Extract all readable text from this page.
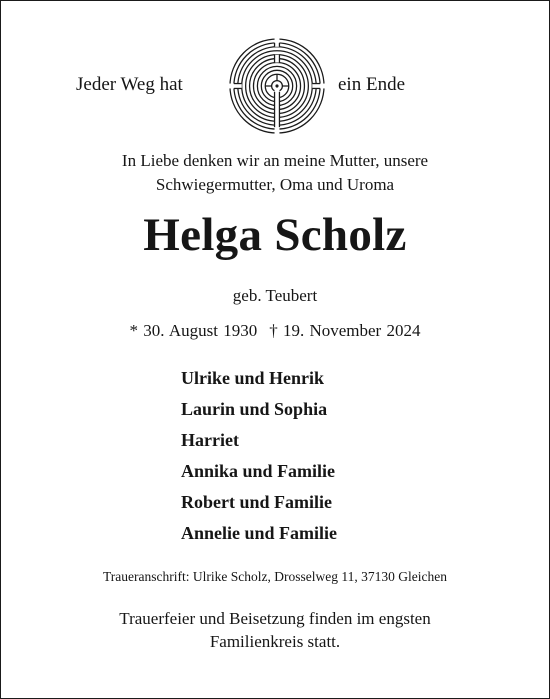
Jeder Weg hat	ein Ende
In Liebe denken wir an meine Mutter, unsere
Schwiegermutter, Oma und Uroma
Helga Scholz
geb. Teubert
* 30. August 1930 † 19. November 2024
Ulrike und Henrik
Laurin und Sophia
Harriet
Annika und Familie
Robert und Familie
Annelie und Familie
Traueranschrift: Ulrike Scholz, Drosselweg 11, 37130 Gleichen
Trauerfeier und Beisetzung finden im engsten
Familienkreis statt.
